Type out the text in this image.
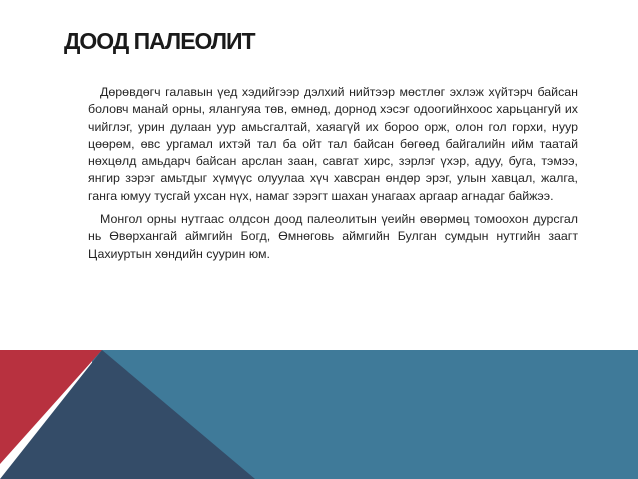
ДООД ПАЛЕОЛИТ

Дөрөвдөгч галавын үед хэдийгээр дэлхий нийтээр мөстлөг эхлэж хүйтэрч байсан боловч манай орны, ялангуяа төв, өмнөд, дорнод хэсэг одоогийнхоос харьцангуй их чийглэг, урин дулаан уур амьсгалтай, хаяагүй их бороо орж, олон гол горхи, нуур цөөрөм, өвс ургамал ихтэй тал ба ойт тал байсан бөгөөд байгалийн ийм таатай нөхцөлд амьдарч байсан арслан заан, савгат хирс, зэрлэг үхэр, адуу, буга, тэмээ, янгир зэрэг амьтдыг хүмүүс олуулаа хүч хавсран өндөр эрэг, улын хавцал, жалга, ганга юмуу тусгай ухсан нүх, намаг зэрэгт шахан унагаах аргаар агнадаг байжээ.

Монгол орны нутгаас олдсон доод палеолитын үеийн өвөрмөц томоохон дурсгал нь Өвөрхангай аймгийн Богд, Өмнөговь аймгийн Булган сумдын нутгийн заагт Цахиуртын хөндийн суурин юм.
